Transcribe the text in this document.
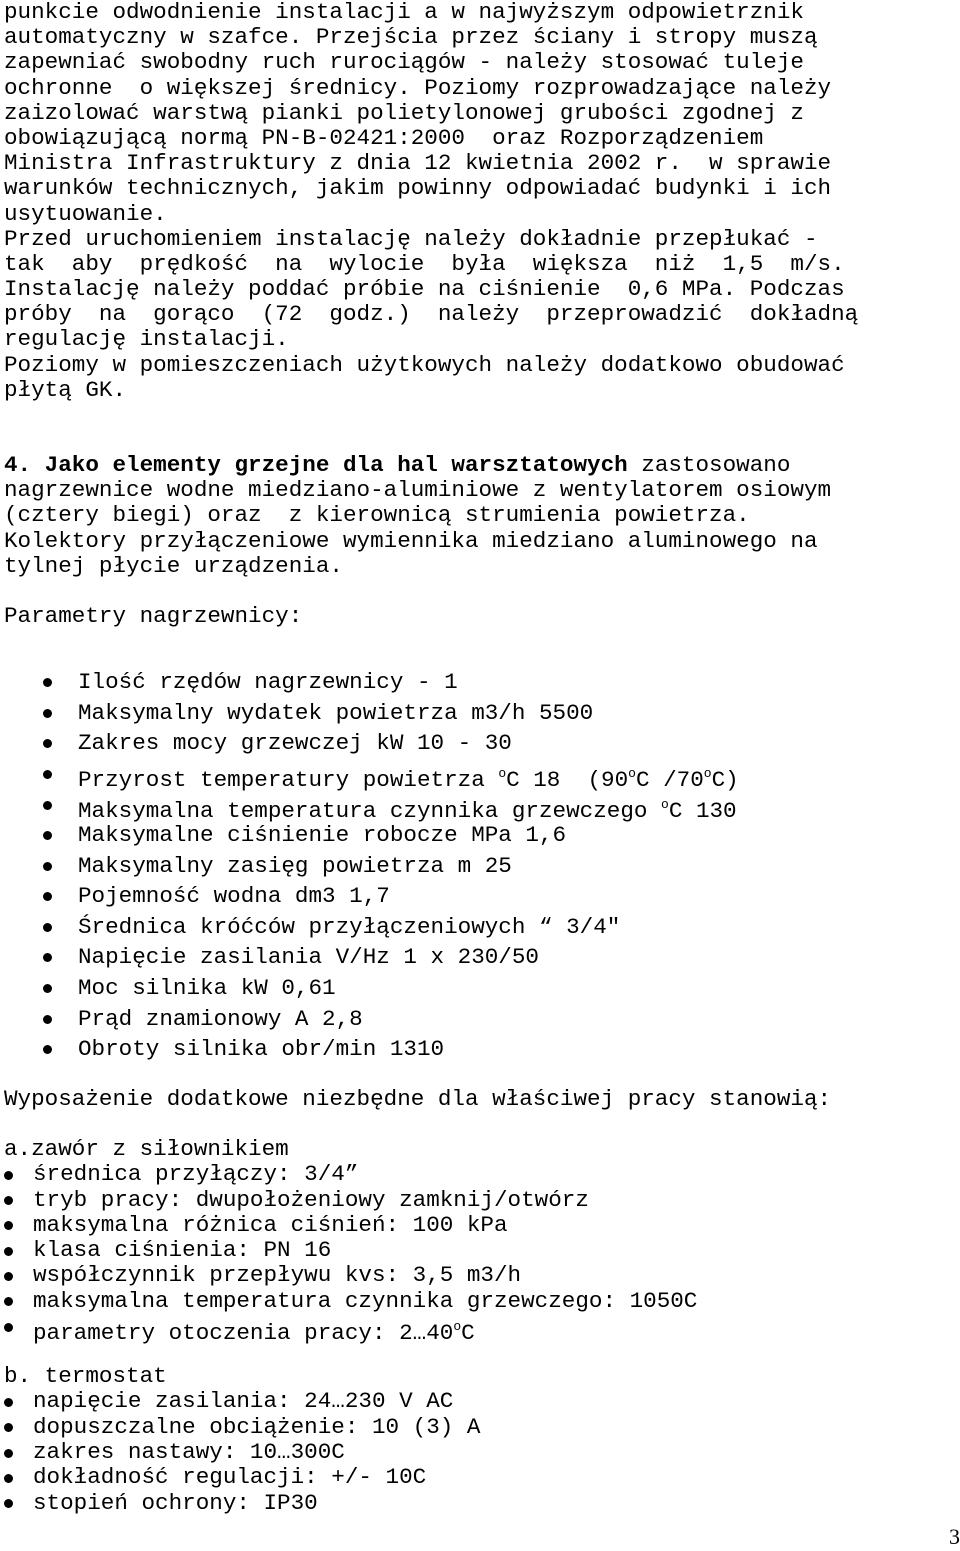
punkcie odwodnienie instalacji a w najwyższym odpowietrznik

automatyczny w szafce. Przejścia przez ściany i stropy muszą

zapewniać swobodny ruch rurociągów - należy stosować tuleje

ochronne  o większej średnicy. Poziomy rozprowadzające należy

zaizolować warstwą pianki polietylonowej grubości zgodnej z

obowiązującą normą PN-B-02421:2000  oraz Rozporządzeniem

Ministra Infrastruktury z dnia 12 kwietnia 2002 r.  w sprawie

warunków technicznych, jakim powinny odpowiadać budynki i ich

usytuowanie.

Przed uruchomieniem instalację należy dokładnie przepłukać -

tak  aby  prędkość  na  wylocie  była  większa  niż  1,5  m/s.

Instalację należy poddać próbie na ciśnienie  0,6 MPa. Podczas

próby  na  gorąco  (72  godz.)  należy  przeprowadzić  dokładną

regulację instalacji.

Poziomy w pomieszczeniach użytkowych należy dodatkowo obudować

płytą GK.

4. Jako elementy grzejne dla hal warsztatowych zastosowano

nagrzewnice wodne miedziano-aluminiowe z wentylatorem osiowym

(cztery biegi) oraz  z kierownicą strumienia powietrza.

Kolektory przyłączeniowe wymiennika miedziano aluminowego na

tylnej płycie urządzenia.

Parametry nagrzewnicy:

Ilość rzędów nagrzewnicy - 1
Maksymalny wydatek powietrza m3/h 5500
Zakres mocy grzewczej kW 10 - 30
Przyrost temperatury powietrza $^o$C 18  (90$^o$C /70$^o$C)
Maksymalna temperatura czynnika grzewczego $^o$C 130
Maksymalne ciśnienie robocze MPa 1,6
Maksymalny zasięg powietrza m 25
Pojemność wodna dm3 1,7
Średnica króćców przyłączeniowych “ 3/4"
Napięcie zasilania V/Hz 1 x 230/50
Moc silnika kW 0,61
Prąd znamionowy A 2,8
Obroty silnika obr/min 1310

Wyposażenie dodatkowe niezbędne dla właściwej pracy stanowią:

a.zawór z siłownikiem

średnica przyłączy: 3/4”
tryb pracy: dwupołożeniowy zamknij/otwórz
maksymalna różnica ciśnień: 100 kPa
klasa ciśnienia: PN 16
współczynnik przepływu kvs: 3,5 m3/h
maksymalna temperatura czynnika grzewczego: 1050C
parametry otoczenia pracy: 2…40$^o$C

b. termostat

napięcie zasilania: 24…230 V AC
dopuszczalne obciążenie: 10 (3) A
zakres nastawy: 10…300C
dokładność regulacji: +/- 10C
stopień ochrony: IP30
3
